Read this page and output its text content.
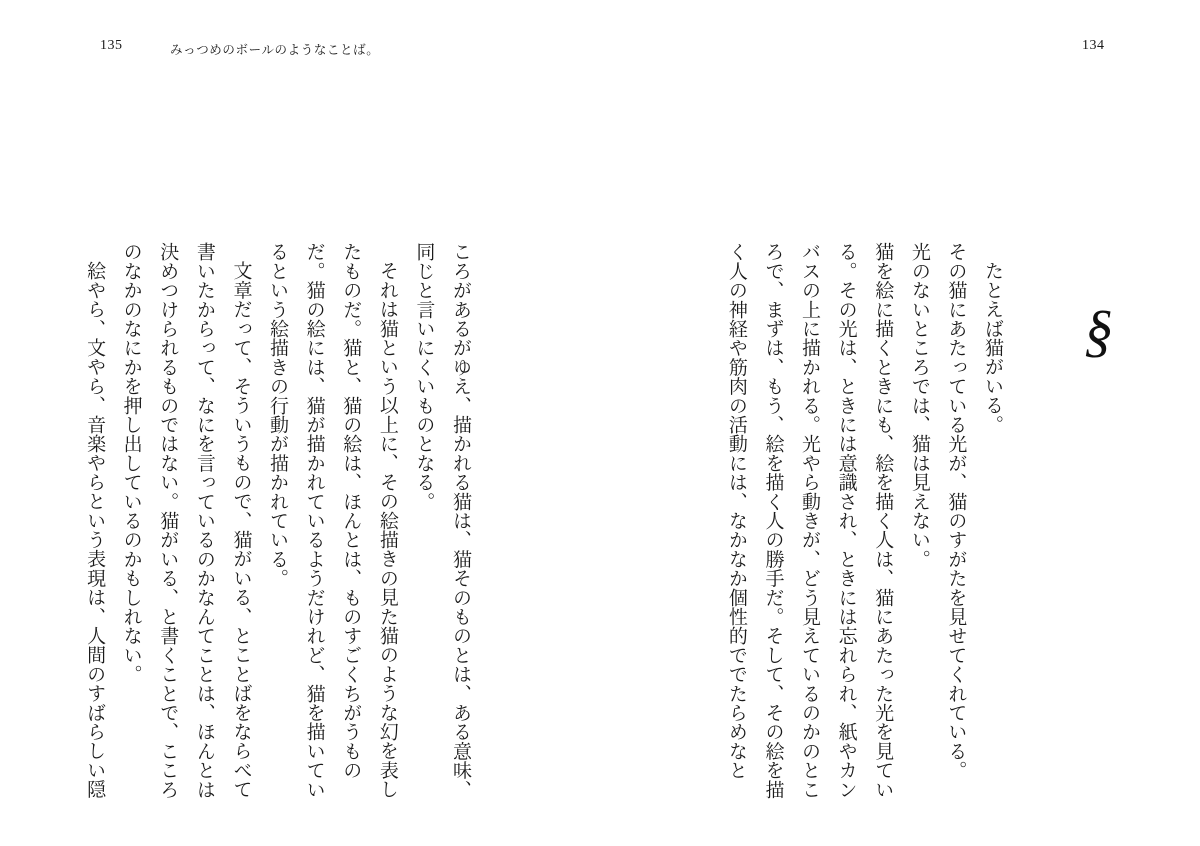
135	みっつめのボールのようなことば。	134
§

たとえば猫がいる。

その猫にあたっている光が、猫のすがたを見せてくれている。

光のないところでは、猫は見えない。

猫を絵に描くときにも、絵を描く人は、猫にあたった光を見ている。その光は、ときには意識され、ときには忘れられ、紙やカンバスの上に描かれる。光やら動きが、どう見えているのかのところで、まずは、もう、絵を描く人の勝手だ。そして、その絵を描く人の神経や筋肉の活動には、なかなか個性的ででたらめなと

ころがあるがゆえ、描かれる猫は、猫そのものとは、ある意味、同じと言いにくいものとなる。

それは猫という以上に、その絵描きの見た猫のような幻を表したものだ。猫と、猫の絵は、ほんとは、ものすごくちがうものだ。猫の絵には、猫が描かれているようだけれど、猫を描いているという絵描きの行動が描かれている。

文章だって、そういうもので、猫がいる、とことばをならべて書いたからって、なにを言っているのかなんてことは、ほんとは決めつけられるものではない。猫がいる、と書くことで、こころのなかのなにかを押し出しているのかもしれない。

絵やら、文やら、音楽やらという表現は、人間のすばらしい隠
